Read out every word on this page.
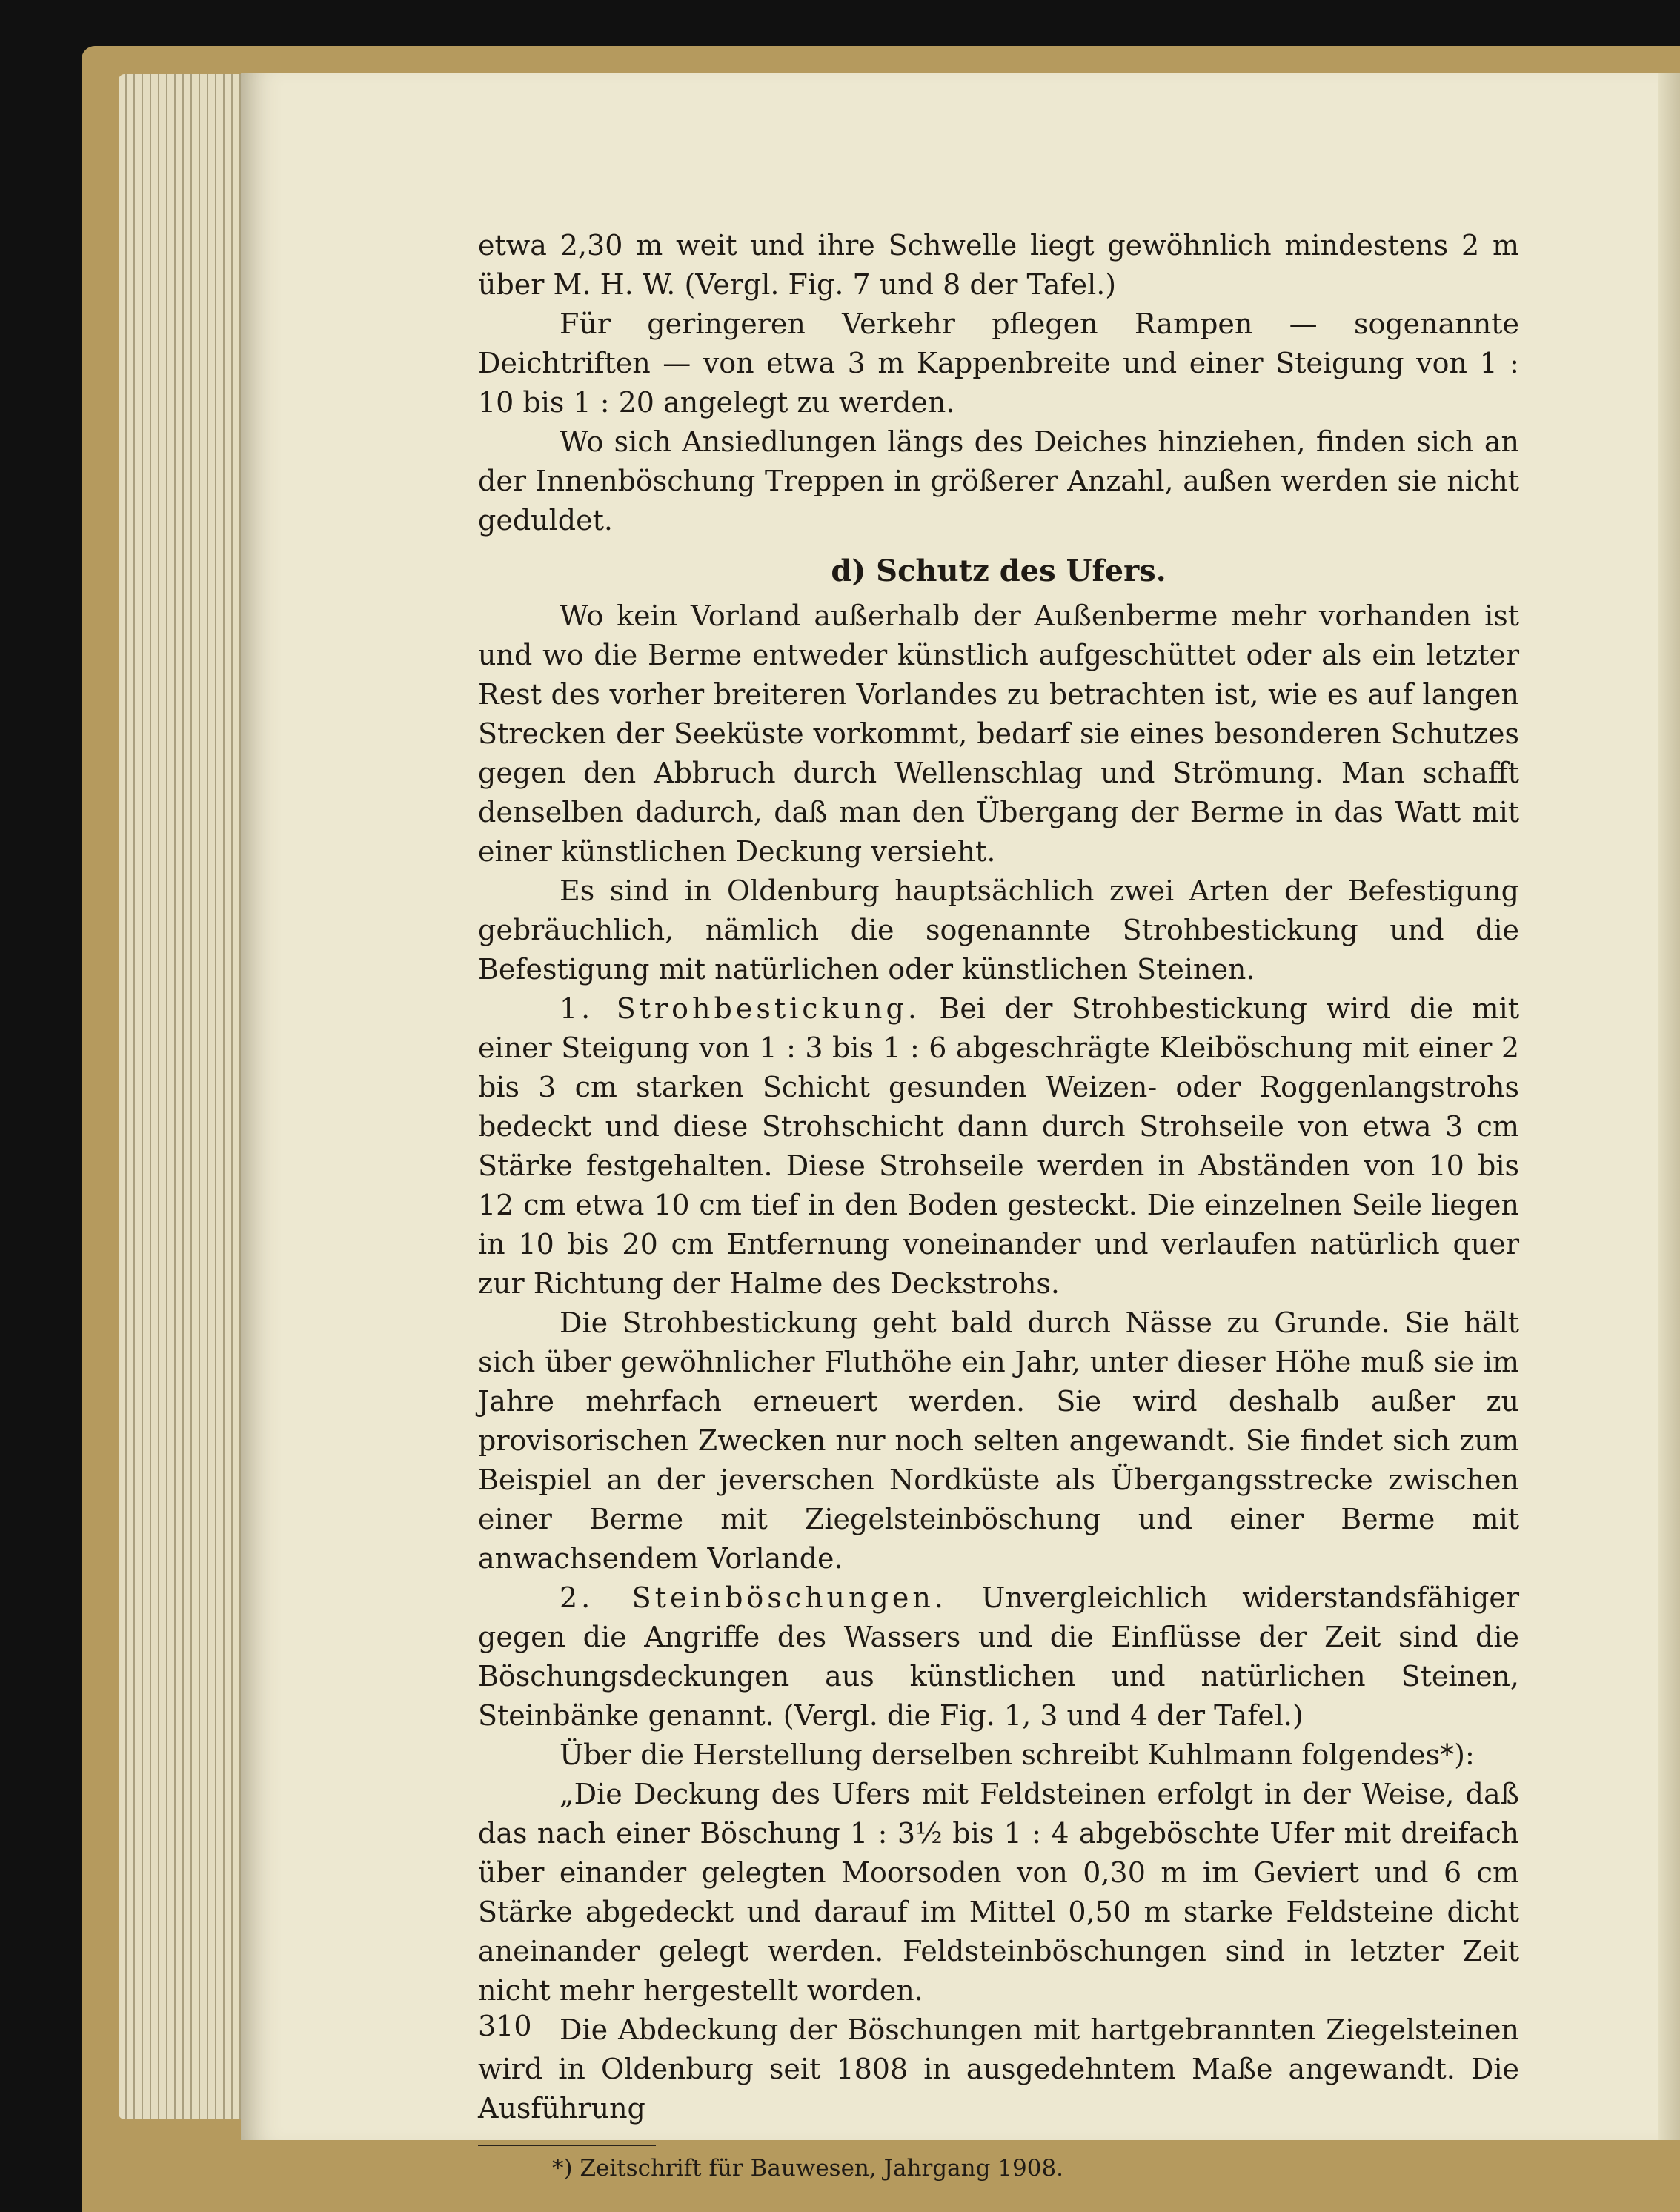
etwa 2,30 m weit und ihre Schwelle liegt gewöhnlich mindestens 2 m über M. H. W. (Vergl. Fig. 7 und 8 der Tafel.)

Für geringeren Verkehr pflegen Rampen — sogenannte Deichtriften — von etwa 3 m Kappenbreite und einer Steigung von 1 : 10 bis 1 : 20 angelegt zu werden.

Wo sich Ansiedlungen längs des Deiches hinziehen, finden sich an der Innenböschung Treppen in größerer Anzahl, außen werden sie nicht geduldet.

d) Schutz des Ufers.

Wo kein Vorland außerhalb der Außenberme mehr vorhanden ist und wo die Berme entweder künstlich aufgeschüttet oder als ein letzter Rest des vorher breiteren Vorlandes zu betrachten ist, wie es auf langen Strecken der Seeküste vorkommt, bedarf sie eines besonderen Schutzes gegen den Abbruch durch Wellenschlag und Strömung. Man schafft denselben dadurch, daß man den Übergang der Berme in das Watt mit einer künstlichen Deckung versieht.

Es sind in Oldenburg hauptsächlich zwei Arten der Befestigung gebräuchlich, nämlich die sogenannte Strohbestickung und die Befestigung mit natürlichen oder künstlichen Steinen.

1. Strohbestickung. Bei der Strohbestickung wird die mit einer Steigung von 1 : 3 bis 1 : 6 abgeschrägte Kleiböschung mit einer 2 bis 3 cm starken Schicht gesunden Weizen- oder Roggenlangstrohs bedeckt und diese Strohschicht dann durch Strohseile von etwa 3 cm Stärke festgehalten. Diese Strohseile werden in Abständen von 10 bis 12 cm etwa 10 cm tief in den Boden gesteckt. Die einzelnen Seile liegen in 10 bis 20 cm Entfernung voneinander und verlaufen natürlich quer zur Richtung der Halme des Deckstrohs.

Die Strohbestickung geht bald durch Nässe zu Grunde. Sie hält sich über gewöhnlicher Fluthöhe ein Jahr, unter dieser Höhe muß sie im Jahre mehrfach erneuert werden. Sie wird deshalb außer zu provisorischen Zwecken nur noch selten angewandt. Sie findet sich zum Beispiel an der jeverschen Nordküste als Übergangsstrecke zwischen einer Berme mit Ziegelsteinböschung und einer Berme mit anwachsendem Vorlande.

2. Steinböschungen. Unvergleichlich widerstandsfähiger gegen die Angriffe des Wassers und die Einflüsse der Zeit sind die Böschungsdeckungen aus künstlichen und natürlichen Steinen, Steinbänke genannt. (Vergl. die Fig. 1, 3 und 4 der Tafel.)

Über die Herstellung derselben schreibt Kuhlmann folgendes*):

„Die Deckung des Ufers mit Feldsteinen erfolgt in der Weise, daß das nach einer Böschung 1 : 3½ bis 1 : 4 abgeböschte Ufer mit dreifach über einander gelegten Moorsoden von 0,30 m im Geviert und 6 cm Stärke abgedeckt und darauf im Mittel 0,50 m starke Feldsteine dicht aneinander gelegt werden. Feldsteinböschungen sind in letzter Zeit nicht mehr hergestellt worden.

Die Abdeckung der Böschungen mit hartgebrannten Ziegelsteinen wird in Oldenburg seit 1808 in ausgedehntem Maße angewandt. Die Ausführung

*) Zeitschrift für Bauwesen, Jahrgang 1908.
310
